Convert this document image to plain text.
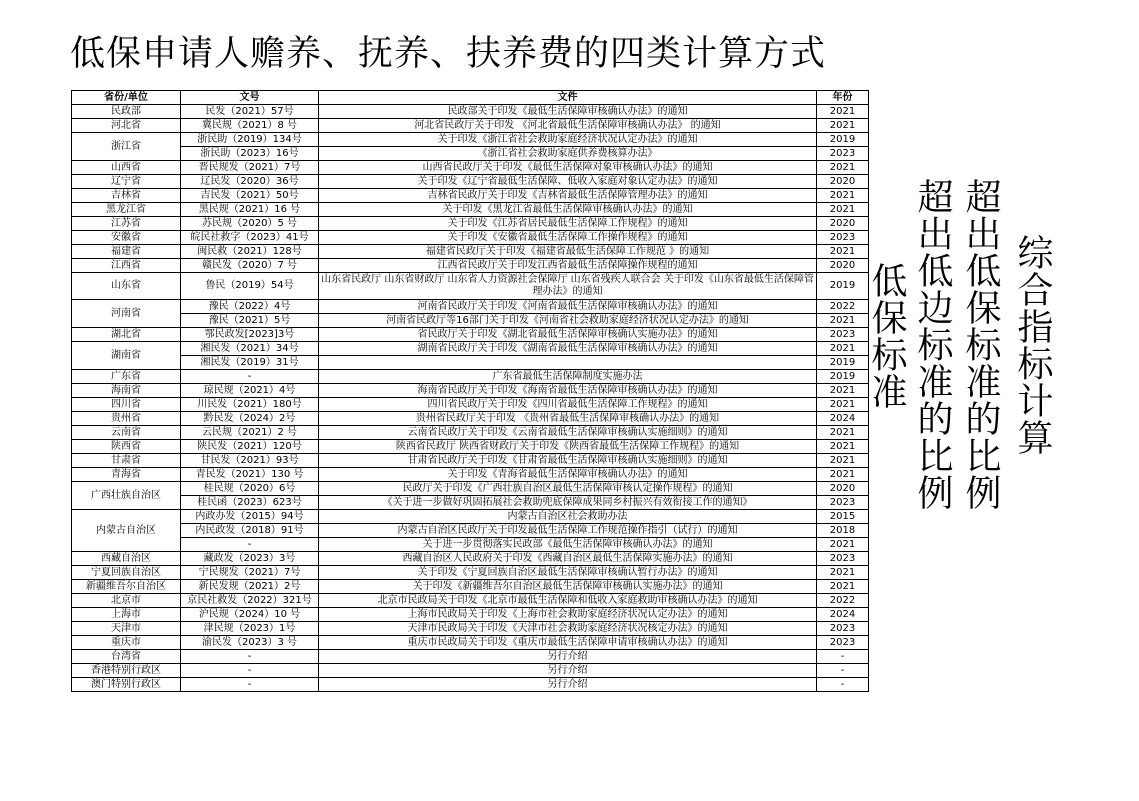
低保申请人赡养、抚养、扶养费的四类计算方式
省份/单位	文号	文件	年份
民政部	民发（2021）57号	民政部关于印发《最低生活保障审核确认办法》的通知	2021
河北省	冀民规（2021）8 号	河北省民政厅关于印发 《河北省最低生活保障审核确认办法》 的通知	2021
浙江省	浙民助（2019）134号	关于印发《浙江省社会救助家庭经济状况认定办法》的通知	2019
	浙民助（2023）16号	《浙江省社会救助家庭供养费核算办法》	2023
山西省	晋民规发（2021）7号	山西省民政厅关于印发《最低生活保障对象审核确认办法》的通知	2021
辽宁省	辽民发（2020）36号	关于印发《辽宁省最低生活保障、低收入家庭对象认定办法》的通知	2020
吉林省	吉民发（2021）50号	吉林省民政厅关于印发《吉林省最低生活保障管理办法》的通知	2021
黑龙江省	黑民规（2021）16 号	关于印发《黑龙江省最低生活保障审核确认办法》的通知	2021
江苏省	苏民规（2020）5 号	关于印发《江苏省居民最低生活保障工作规程》的通知	2020
安徽省	皖民社救字（2023）41号	关于印发《安徽省最低生活保障工作操作规程》的通知	2023
福建省	闽民救（2021）128号	福建省民政厅关于印发《福建省最低生活保障工作规范 》的通知	2021
江西省	赣民发（2020）7 号	江西省民政厅关于印发江西省最低生活保障操作规程的通知	2020
山东省	鲁民（2019）54号	山东省民政厅 山东省财政厅 山东省人力资源社会保障厅 山东省残疾人联合会 关于印发《山东省最低生活保障管理办法》的通知	2019
河南省	豫民（2022）4号	河南省民政厅关于印发《河南省最低生活保障审核确认办法》的通知	2022
	豫民（2021）5号	河南省民政厅等16部门关于印发《河南省社会救助家庭经济状况认定办法》的通知	2021
湖北省	鄂民政发[2023]3号	省民政厅关于印发《湖北省最低生活保障审核确认实施办法》的通知	2023
湖南省	湘民发（2021）34号	湖南省民政厅关于印发《湖南省最低生活保障审核确认办法》的通知	2021
	湘民发（2019）31号		2019
广东省	-	广东省最低生活保障制度实施办法	2019
海南省	琼民规（2021）4号	海南省民政厅关于印发《海南省最低生活保障审核确认办法》的通知	2021
四川省	川民发（2021）180号	四川省民政厅关于印发《四川省最低生活保障工作规程》的通知	2021
贵州省	黔民发（2024）2号	贵州省民政厅关于印发 《贵州省最低生活保障审核确认办法》的通知	2024
云南省	云民规（2021）2 号	云南省民政厅关于印发《云南省最低生活保障审核确认实施细则》的通知	2021
陕西省	陕民发（2021）120号	陕西省民政厅 陕西省财政厅关于印发《陕西省最低生活保障工作规程》的通知	2021
甘肃省	甘民发（2021）93号	甘肃省民政厅关于印发《甘肃省最低生活保障审核确认实施细则》的通知	2021
青海省	青民发（2021）130 号	关于印发《青海省最低生活保障审核确认办法》的通知	2021
广西壮族自治区	桂民规（2020）6号	民政厅关于印发《广西壮族自治区最低生活保障审核认定操作规程》的通知	2020
	桂民函（2023）623号	《关于进一步做好巩固拓展社会救助兜底保障成果同乡村振兴有效衔接工作的通知》	2023
内蒙古自治区	内政办发（2015）94号	内蒙古自治区社会救助办法	2015
	内民政发（2018）91号	内蒙古自治区民政厅关于印发最低生活保障工作规范操作指引（试行）的通知	2018
	-	关于进一步贯彻落实民政部《最低生活保障审核确认办法》的通知	2021
西藏自治区	藏政发（2023）3号	西藏自治区人民政府关于印发《西藏自治区最低生活保障实施办法》的通知	2023
宁夏回族自治区	宁民规发（2021）7号	关于印发《宁夏回族自治区最低生活保障审核确认暂行办法》的通知	2021
新疆维吾尔自治区	新民发规（2021）2号	关于印发《新疆维吾尔自治区最低生活保障审核确认实施办法》的通知	2021
北京市	京民社救发（2022）321号	北京市民政局关于印发《北京市最低生活保障和低收入家庭救助审核确认办法》的通知	2022
上海市	沪民规（2024）10 号	上海市民政局关于印发《上海市社会救助家庭经济状况认定办法》的通知	2024
天津市	津民规（2023）1号	天津市民政局关于印发《天津市社会救助家庭经济状况核定办法》的通知	2023
重庆市	渝民发（2023）3 号	重庆市民政局关于印发《重庆市最低生活保障申请审核确认办法》的通知	2023
台湾省	-	另行介绍	-
香港特别行政区	-	另行介绍	-
澳门特别行政区	-	另行介绍	-
综合指标计算
超出低保标准的比例
超出低边标准的比例
低保标准
